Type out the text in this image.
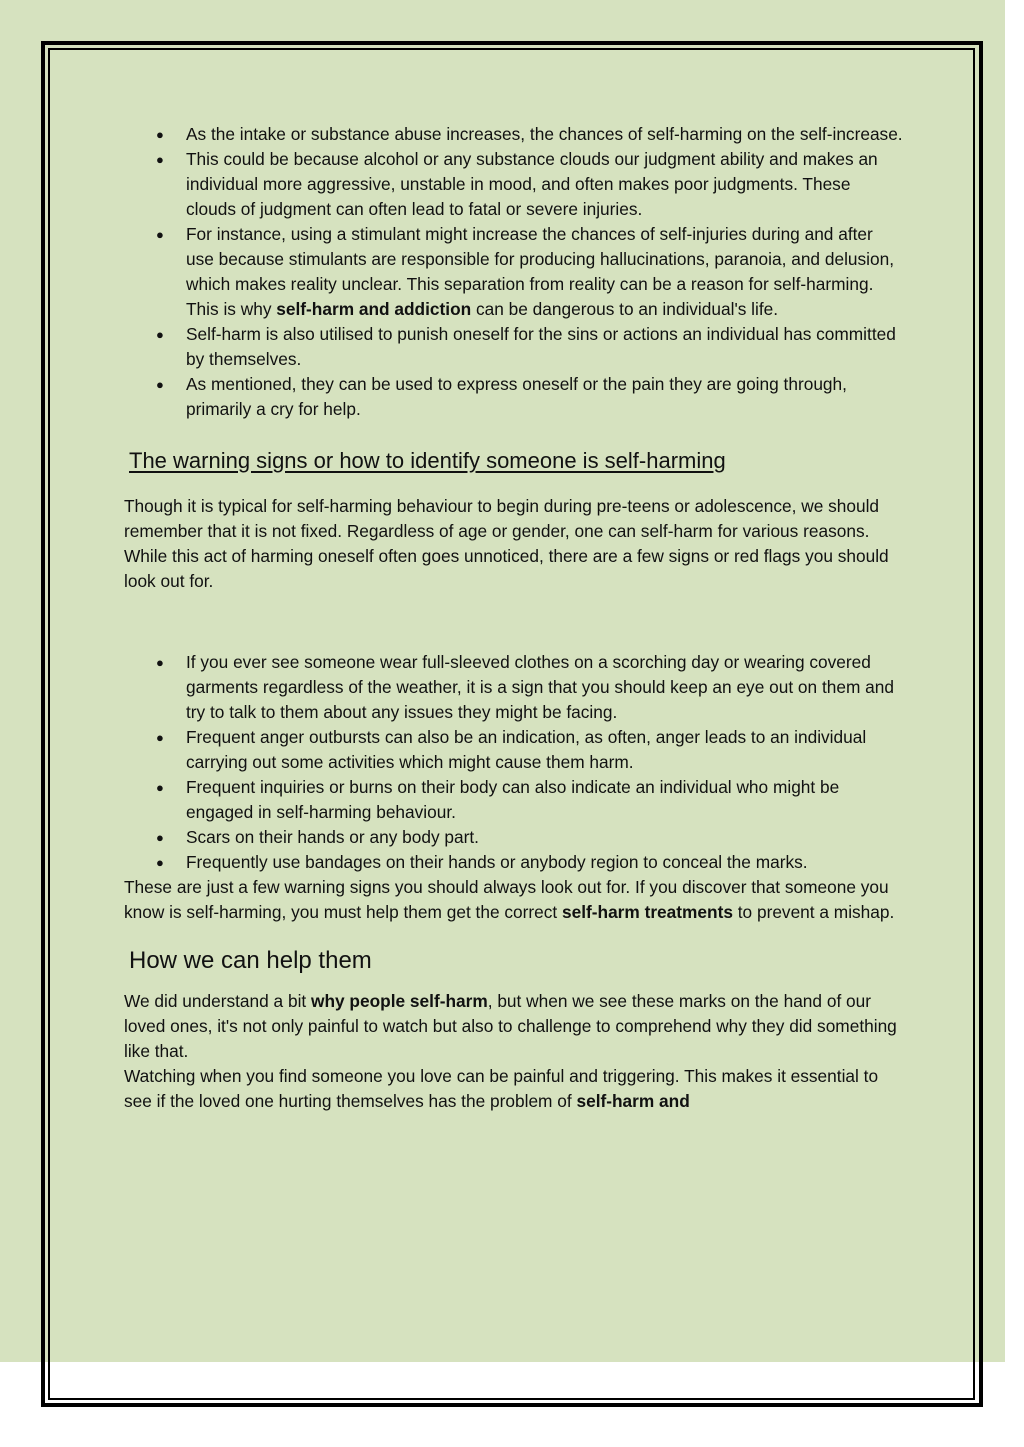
● As the intake or substance abuse increases, the chances of self-harming on the self-increase.
● This could be because alcohol or any substance clouds our judgment ability and makes an individual more aggressive, unstable in mood, and often makes poor judgments. These clouds of judgment can often lead to fatal or severe injuries.
● For instance, using a stimulant might increase the chances of self-injuries during and after use because stimulants are responsible for producing hallucinations, paranoia, and delusion, which makes reality unclear. This separation from reality can be a reason for self-harming. This is why self-harm and addiction can be dangerous to an individual's life.
● Self-harm is also utilised to punish oneself for the sins or actions an individual has committed by themselves.
● As mentioned, they can be used to express oneself or the pain they are going through, primarily a cry for help.
The warning signs or how to identify someone is self-harming

Though it is typical for self-harming behaviour to begin during pre-teens or adolescence, we should remember that it is not fixed. Regardless of age or gender, one can self-harm for various reasons.

While this act of harming oneself often goes unnoticed, there are a few signs or red flags you should look out for.

● If you ever see someone wear full-sleeved clothes on a scorching day or wearing covered garments regardless of the weather, it is a sign that you should keep an eye out on them and try to talk to them about any issues they might be facing.
● Frequent anger outbursts can also be an indication, as often, anger leads to an individual carrying out some activities which might cause them harm.
● Frequent inquiries or burns on their body can also indicate an individual who might be engaged in self-harming behaviour.
● Scars on their hands or any body part.
● Frequently use bandages on their hands or anybody region to conceal the marks.

These are just a few warning signs you should always look out for. If you discover that someone you know is self-harming, you must help them get the correct self-harm treatments to prevent a mishap.

How we can help them

We did understand a bit why people self-harm, but when we see these marks on the hand of our loved ones, it's not only painful to watch but also to challenge to comprehend why they did something like that.

Watching when you find someone you love can be painful and triggering. This makes it essential to see if the loved one hurting themselves has the problem of self-harm and
